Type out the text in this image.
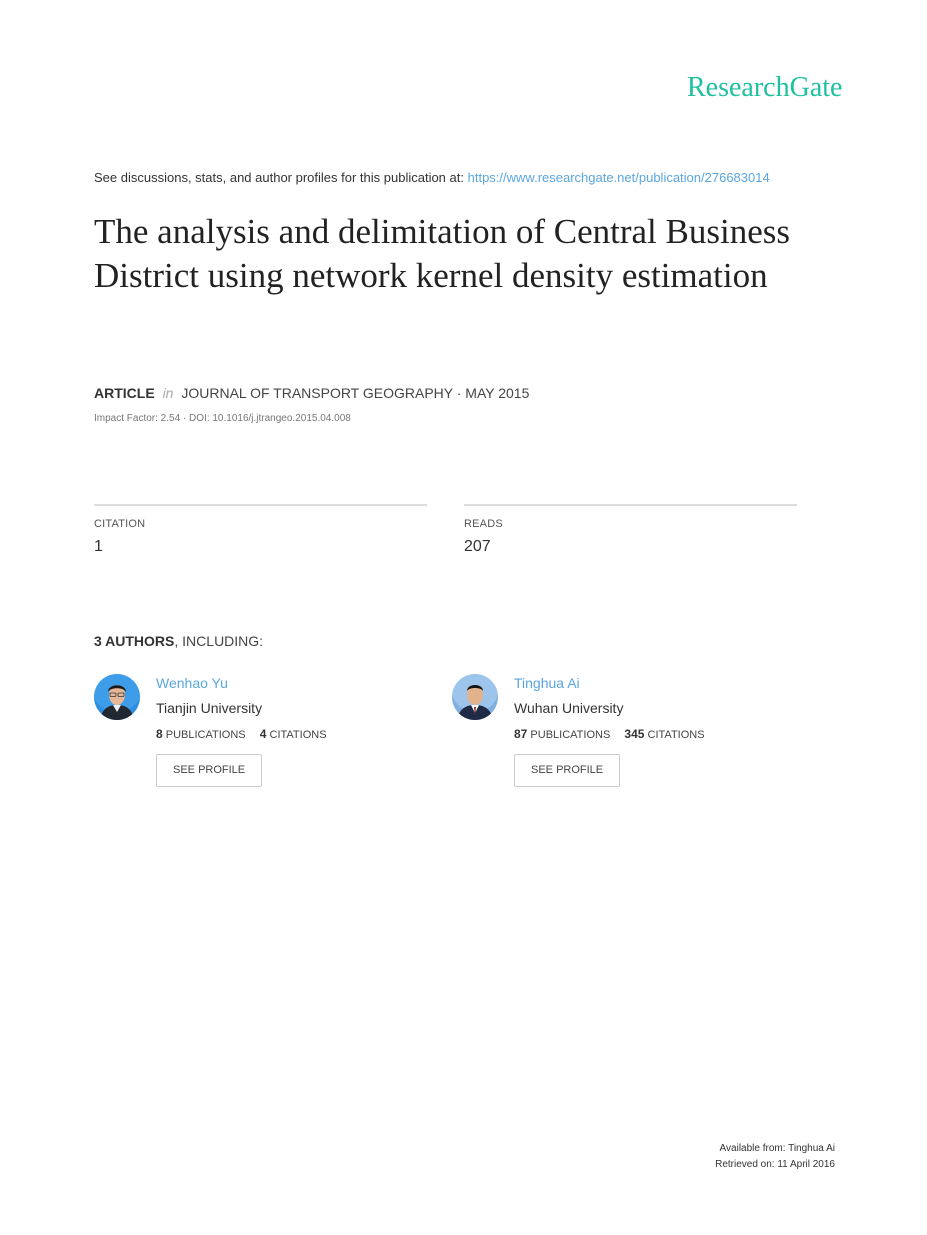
ResearchGate
See discussions, stats, and author profiles for this publication at: https://www.researchgate.net/publication/276683014
The analysis and delimitation of Central Business District using network kernel density estimation
ARTICLE in JOURNAL OF TRANSPORT GEOGRAPHY · MAY 2015
Impact Factor: 2.54 · DOI: 10.1016/j.jtrangeo.2015.04.008
CITATION
1
READS
207
3 AUTHORS, INCLUDING:
Wenhao Yu
Tianjin University
8 PUBLICATIONS 4 CITATIONS
SEE PROFILE
Tinghua Ai
Wuhan University
87 PUBLICATIONS 345 CITATIONS
SEE PROFILE
Available from: Tinghua Ai
Retrieved on: 11 April 2016
